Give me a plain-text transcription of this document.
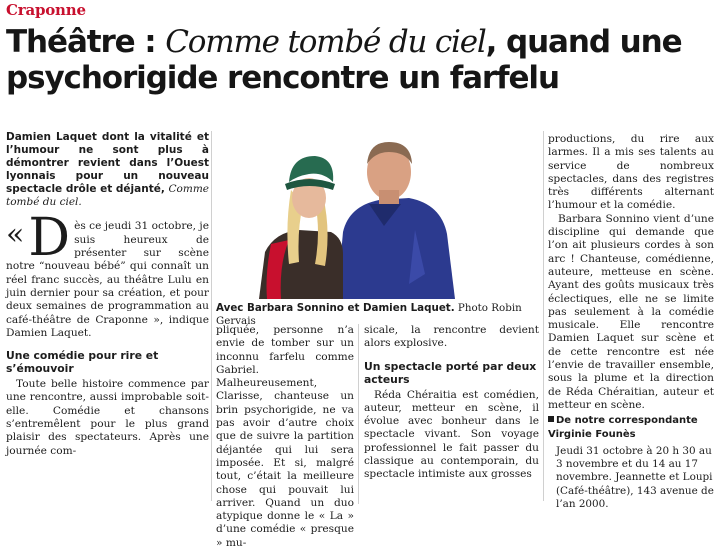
Craponne
Théâtre : Comme tombé du ciel, quand une psychorigide rencontre un farfelu

Damien Laquet dont la vitalité et l’humour ne sont plus à démontrer revient dans l’Ouest lyonnais pour un nouveau spectacle drôle et déjanté, Comme tombé du ciel.

« D ès ce jeudi 31 octobre, je suis heureux de présenter sur scène notre “nouveau bébé” qui connaît un réel franc succès, au théâtre Lulu en juin dernier pour sa création, et pour deux semaines de programmation au café-théâtre de Craponne », indique Damien Laquet.

Une comédie pour rire et s’émouvoir

Toute belle histoire commence par une rencontre, aussi improbable soit-elle. Comédie et chansons s’entremêlent pour le plus grand plaisir des spectateurs. Après une journée com-

Avec Barbara Sonnino et Damien Laquet. Photo Robin Gervais

pliquée, personne n’a envie de tomber sur un inconnu farfelu comme Gabriel. Malheureusement, Clarisse, chanteuse un brin psychorigide, ne va pas avoir d’autre choix que de suivre la partition déjantée qui lui sera imposée. Et si, malgré tout, c’était la meilleure chose qui pouvait lui arriver. Quand un duo atypique donne le « La » d’une comédie « presque » mu-

sicale, la rencontre devient alors explosive.

Un spectacle porté par deux acteurs

Réda Chéraitia est comédien, auteur, metteur en scène, il évolue avec bonheur dans le spectacle vivant. Son voyage professionnel le fait passer du classique au contemporain, du spectacle intimiste aux grosses

productions, du rire aux larmes. Il a mis ses talents au service de nombreux spectacles, dans des registres très différents alternant l’humour et la comédie.

Barbara Sonnino vient d’une discipline qui demande que l’on ait plusieurs cordes à son arc ! Chanteuse, comédienne, auteure, metteuse en scène. Ayant des goûts musicaux très éclectiques, elle ne se limite pas seulement à la comédie musicale. Elle rencontre Damien Laquet sur scène et de cette rencontre est née l’envie de travailler ensemble, sous la plume et la direction de Réda Chéraitian, auteur et metteur en scène.

De notre correspondante
Virginie Founès

Jeudi 31 octobre à 20 h 30 au 3 novembre et du 14 au 17 novembre. Jeannette et Loupi (Café-théâtre), 143 avenue de l’an 2000.
